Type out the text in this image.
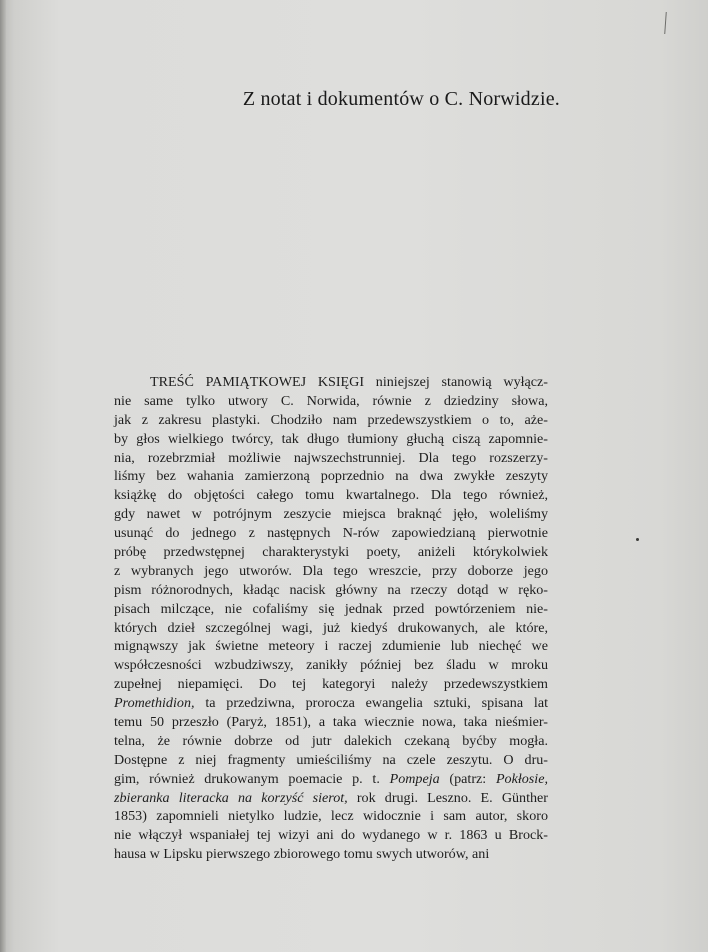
Z notat i dokumentów o C. Norwidzie.
TREŚĆ PAMIĄTKOWEJ KSIĘGI niniejszej stanowią wyłącz-
nie same tylko utwory C. Norwida, równie z dziedziny słowa,
jak z zakresu plastyki. Chodziło nam przedewszystkiem o to, aże-
by głos wielkiego twórcy, tak długo tłumiony głuchą ciszą zapomnie-
nia, rozebrzmiał możliwie najwszechstrunniej. Dla tego rozszerzy-
liśmy bez wahania zamierzoną poprzednio na dwa zwykłe zeszyty
książkę do objętości całego tomu kwartalnego. Dla tego również,
gdy nawet w potrójnym zeszycie miejsca braknąć jęło, woleliśmy
usunąć do jednego z następnych N-rów zapowiedzianą pierwotnie
próbę przedwstępnej charakterystyki poety, aniżeli którykolwiek
z wybranych jego utworów. Dla tego wreszcie, przy doborze jego
pism różnorodnych, kładąc nacisk główny na rzeczy dotąd w ręko-
pisach milczące, nie cofaliśmy się jednak przed powtórzeniem nie-
których dzieł szczególnej wagi, już kiedyś drukowanych, ale które,
mignąwszy jak świetne meteory i raczej zdumienie lub niechęć we
współczesności wzbudziwszy, zanikły później bez śladu w mroku
zupełnej niepamięci. Do tej kategoryi należy przedewszystkiem
Promethidion, ta przedziwna, prorocza ewangelia sztuki, spisana lat
temu 50 przeszło (Paryż, 1851), a taka wiecznie nowa, taka nieśmier-
telna, że równie dobrze od jutr dalekich czekaną byćby mogła.
Dostępne z niej fragmenty umieściliśmy na czele zeszytu. O dru-
gim, również drukowanym poemacie p. t. Pompeja (patrz: Pokłosie,
zbieranka literacka na korzyść sierot, rok drugi. Leszno. E. Günther
1853) zapomnieli nietylko ludzie, lecz widocznie i sam autor, skoro
nie włączył wspaniałej tej wizyi ani do wydanego w r. 1863 u Brock-
hausa w Lipsku pierwszego zbiorowego tomu swych utworów, ani
